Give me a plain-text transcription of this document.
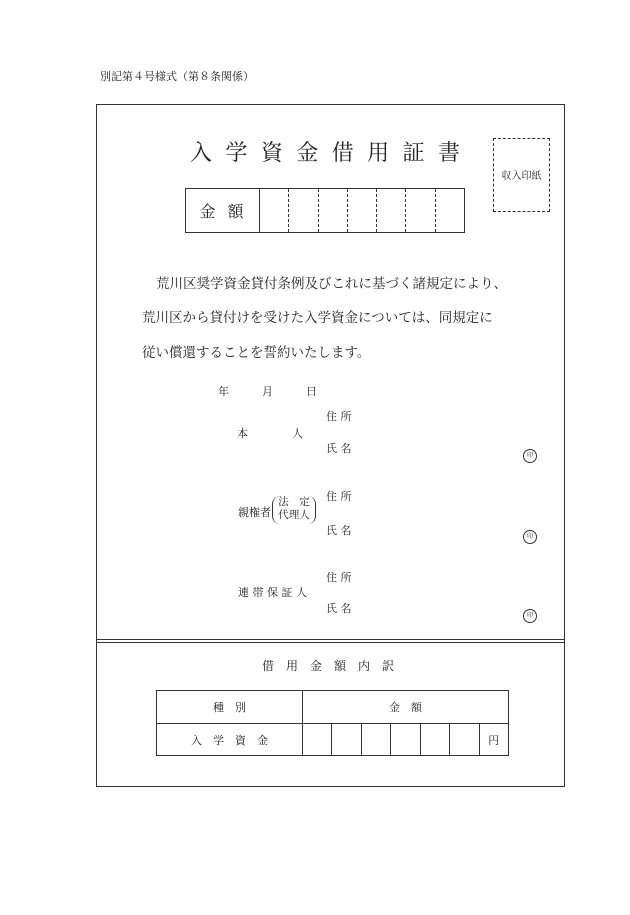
別記第４号様式（第８条関係）
入 学 資 金 借 用 証 書
収入印紙
金額
荒川区奨学資金貸付条例及びこれに基づく諸規定により、
荒川区から貸付けを受けた入学資金については、同規定に
従い償還することを誓約いたします。
年	月	日
住 所
本　　　　人
氏 名
印
住 所
親権者
法　定
代理人
氏 名	印
住 所
連 帯 保 証 人
氏 名
印
借　用　金　額　内　訳
種　別	金　額
入　学　資　金	円
